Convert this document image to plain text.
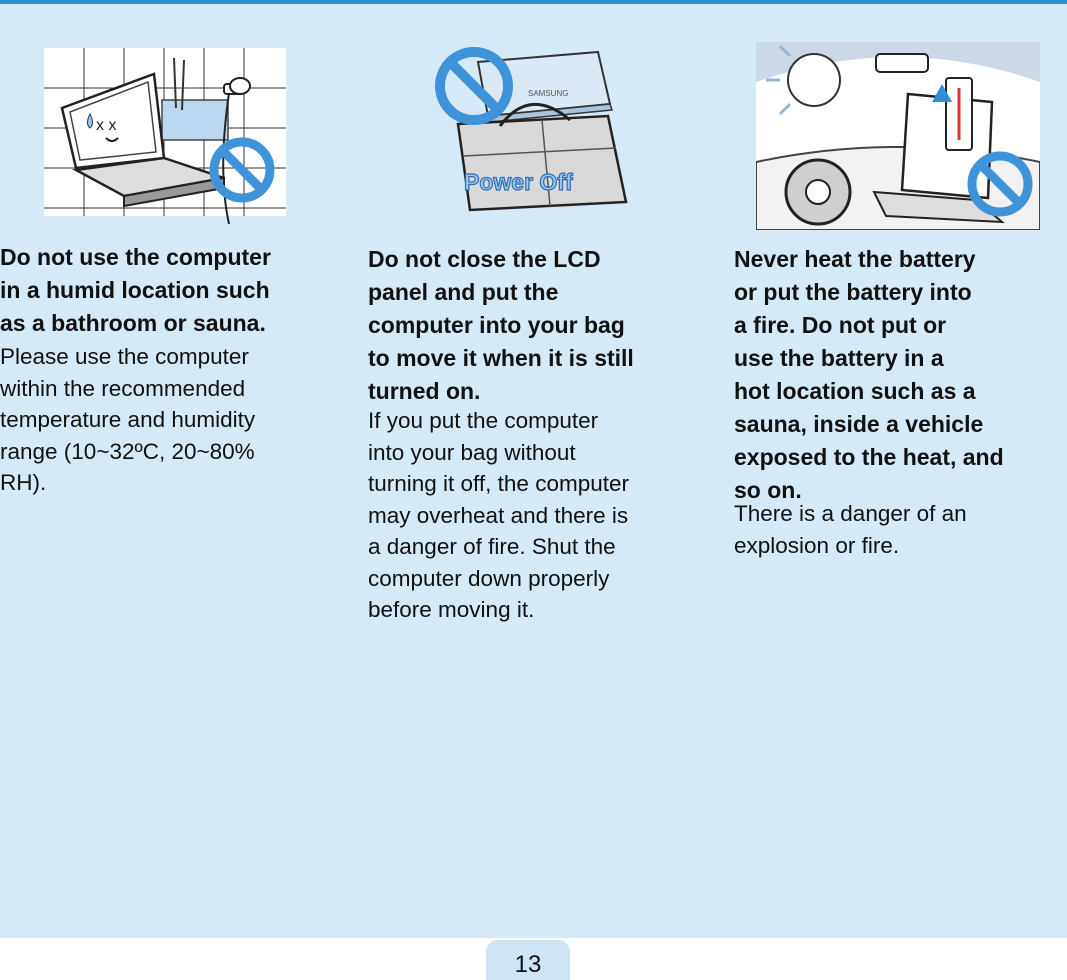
x x

Do not use the computer
in a humid location such
as a bathroom or sauna.

Please use the computer
within the recommended
temperature and humidity
range (10~32ºC, 20~80%
RH).

SAMSUNG
Power Off

Do not close the LCD
panel and put the
computer into your bag
to move it when it is still
turned on.

If you put the computer
into your bag without
turning it off, the computer
may overheat and there is
a danger of fire. Shut the
computer down properly
before moving it.

Never heat the battery
or put the battery into
a fire. Do not put or
use the battery in a
hot location such as a
sauna, inside a vehicle
exposed to the heat, and
so on.

There is a danger of an
explosion or fire.

13
